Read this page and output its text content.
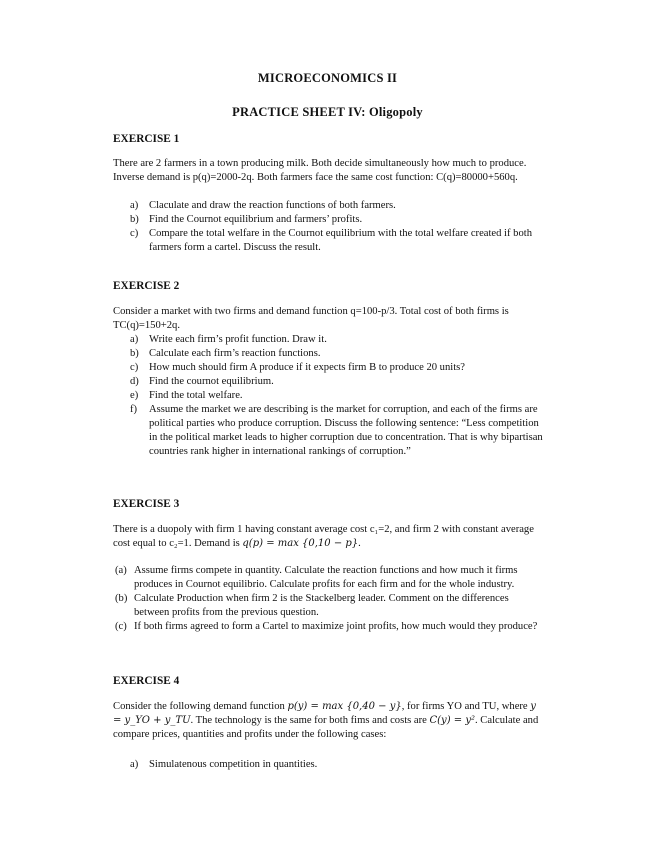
MICROECONOMICS II
PRACTICE SHEET IV: Oligopoly
EXERCISE 1

There are 2 farmers in a town producing milk. Both decide simultaneously how much to produce. Inverse demand is p(q)=2000-2q. Both farmers face the same cost function: C(q)=80000+560q.

a) Claculate and draw the reaction functions of both farmers.
b) Find the Cournot equilibrium and farmers’ profits.
c) Compare the total welfare in the Cournot equilibrium with the total welfare created if both farmers form a cartel. Discuss the result.
EXERCISE 2

Consider a market with two firms and demand function q=100-p/3. Total cost of both firms is TC(q)=150+2q.

a) Write each firm’s profit function. Draw it.
b) Calculate each firm’s reaction functions.
c) How much should firm A produce if it expects firm B to produce 20 units?
d) Find the cournot equilibrium.
e) Find the total welfare.
f) Assume the market we are describing is the market for corruption, and each of the firms are political parties who produce corruption. Discuss the following sentence: “Less competition in the political market leads to higher corruption due to concentration. That is why bipartisan countries rank higher in international rankings of corruption.”
EXERCISE 3

There is a duopoly with firm 1 having constant average cost c₁=2, and firm 2 with constant average cost equal to c₂=1. Demand is q(p) = max {0,10 − p}.

(a) Assume firms compete in quantity. Calculate the reaction functions and how much it firms produces in Cournot equilibrio. Calculate profits for each firm and for the whole industry.
(b) Calculate Production when firm 2 is the Stackelberg leader. Comment on the differences between profits from the previous question.
(c) If both firms agreed to form a Cartel to maximize joint profits, how much would they produce?
EXERCISE 4

Consider the following demand function p(y) = max {0,40 − y}, for firms YO and TU, where y = y_YO + y_TU. The technology is the same for both fims and costs are C(y) = y². Calculate and compare prices, quantities and profits under the following cases:

a) Simulatenous competition in quantities.
